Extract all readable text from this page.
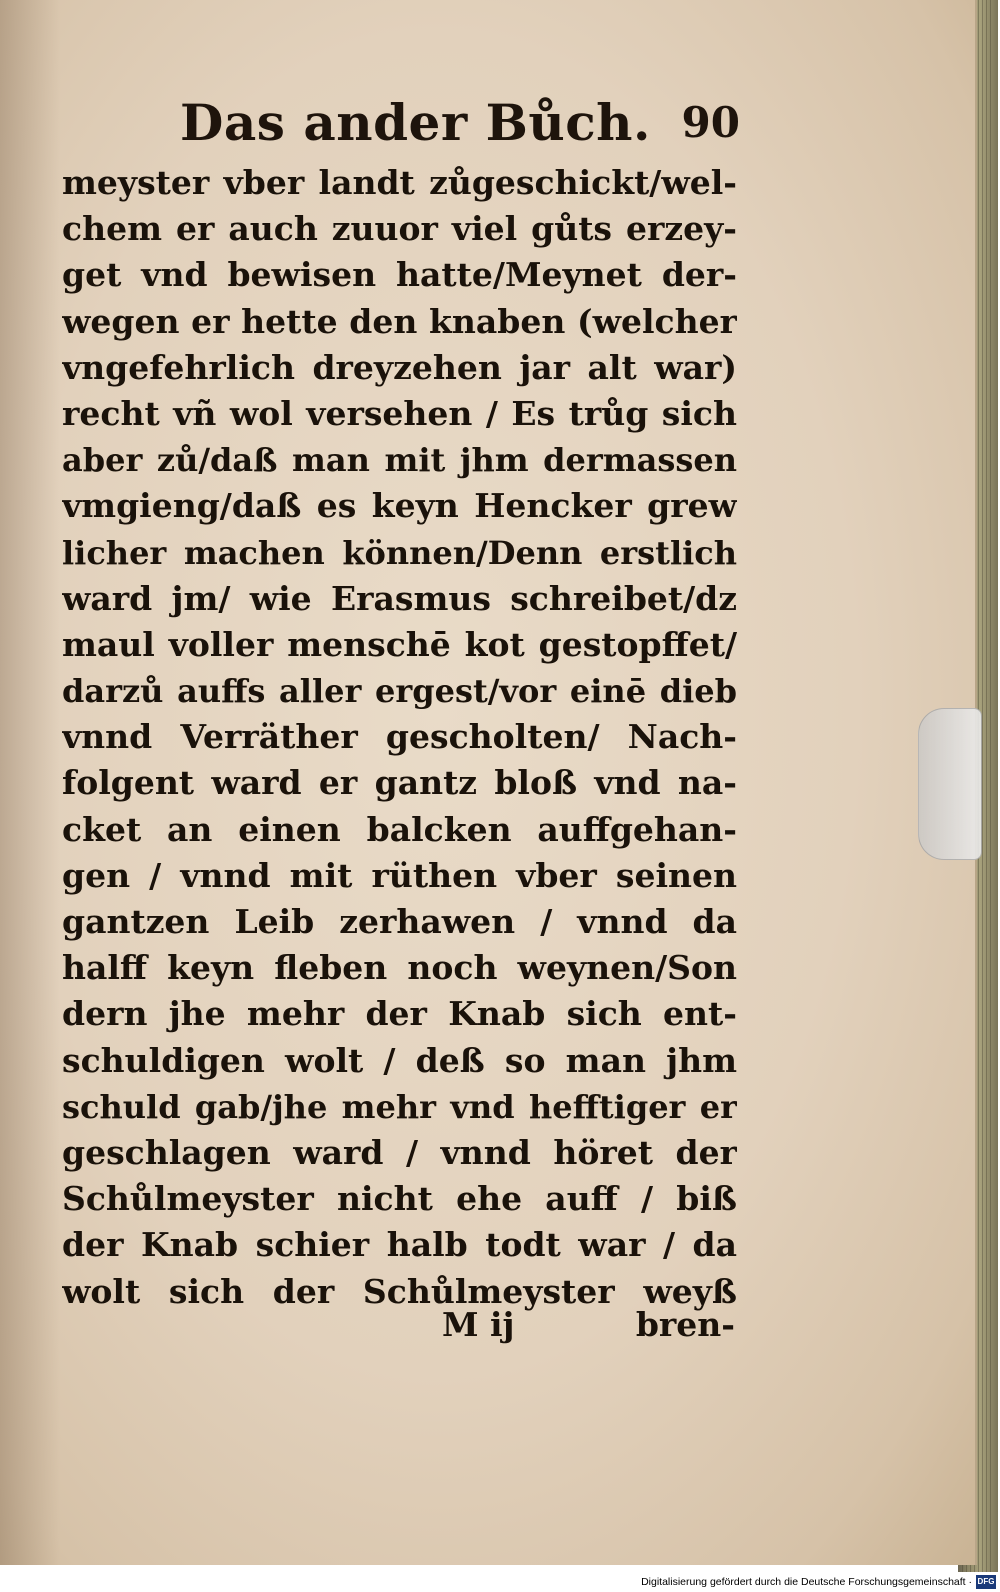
Das ander Bůch. 90
meyster vber landt zůgeschickt/wel-
chem er auch zuuor viel gůts erzey-
get vnd bewisen hatte/Meynet der-
wegen er hette den knaben (welcher
vngefehrlich dreyzehen jar alt war)
recht vñ wol versehen / Es trůg sich
aber zů/daß man mit jhm dermassen
vmgieng/daß es keyn Hencker grew
licher machen können/Denn erstlich
ward jm/ wie Erasmus schreibet/dz
maul voller menschē kot gestopffet/
darzů auffs aller ergest/vor einē dieb
vnnd Verräther gescholten/ Nach-
folgent ward er gantz bloß vnd na-
cket an einen balcken auffgehan-
gen / vnnd mit rüthen vber seinen
gantzen Leib zerhawen / vnnd da
halff keyn fleben noch weynen/Son
dern jhe mehr der Knab sich ent-
schuldigen wolt / deß so man jhm
schuld gab/jhe mehr vnd hefftiger er
geschlagen ward / vnnd höret der
Schůlmeyster nicht ehe auff / biß
der Knab schier halb todt war / da
wolt sich der Schůlmeyster weyß
M ij	bren-
Digitalisierung gefördert durch die Deutsche Forschungsgemeinschaft · DFG
